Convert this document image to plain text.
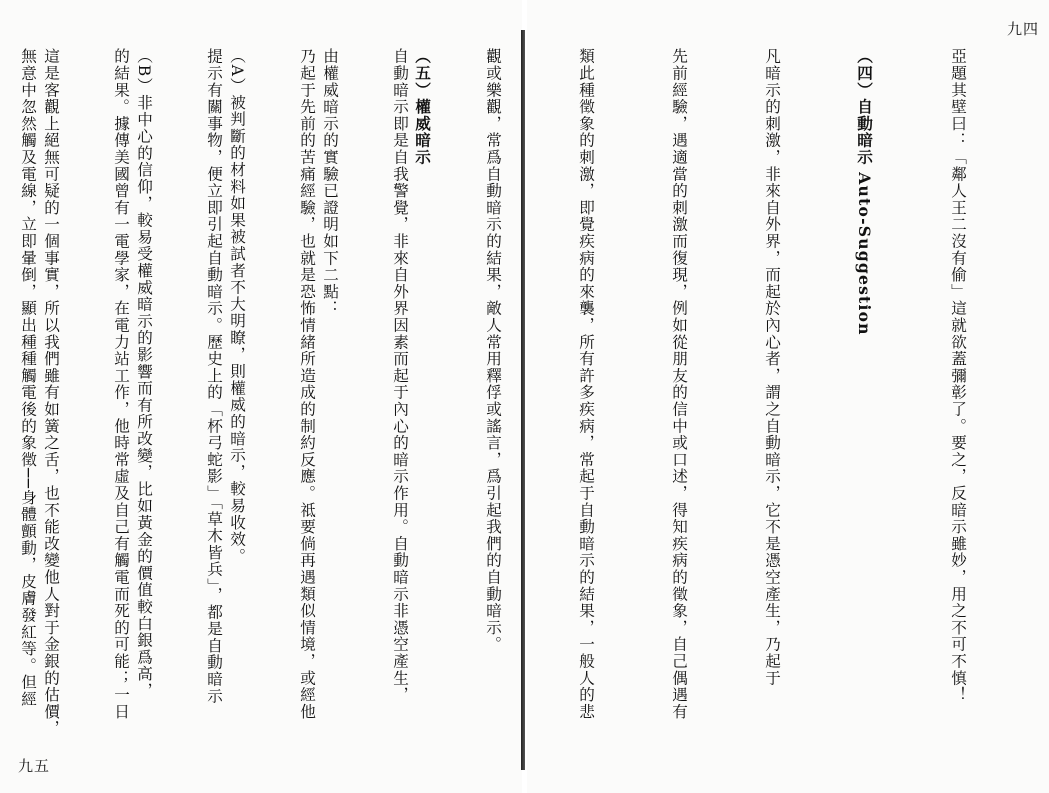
（五）權威暗示

由權威暗示的實驗已證明如下二點：

（A）被判斷的材料如果被試者不大明瞭，則權威的暗示，較易收效。

（B）非中心的信仰，較易受權威暗示的影響而有所改變，比如黃金的價值較白銀爲高，

這是客觀上絕無可疑的一個事實，所以我們雖有如簧之舌，也不能改變他人對于金銀的估價，

九五

亞題其壁曰：「鄰人王二沒有偷」這就欲蓋彌彰了。要之，反暗示雖妙，用之不可不慎！

（四）自動暗示 Auto-Suggestion

凡暗示的刺激，非來自外界，而起於內心者，謂之自動暗示，它不是憑空產生，乃起于

先前經驗，遇適當的刺激而復現，例如從朋友的信中或口述，得知疾病的徵象，自己偶遇有

類此種徵象的刺激，即覺疾病的來襲，所有許多疾病，常起于自動暗示的結果，一般人的悲

觀或樂觀，常爲自動暗示的結果，敵人常用釋俘或謠言，爲引起我們的自動暗示。

自動暗示即是自我警覺，非來自外界因素而起于內心的暗示作用。自動暗示非憑空產生，

乃起于先前的苦痛經驗，也就是恐怖情緒所造成的制約反應。祗要倘再遇類似情境，或經他

提示有關事物，便立即引起自動暗示。歷史上的「杯弓蛇影」「草木皆兵」，都是自動暗示

的結果。據傳美國曾有一電學家，在電力站工作，他時常虛及自己有觸電而死的可能；一日

無意中忽然觸及電線，立即暈倒，顯出種種觸電後的象徵──身體顫動，皮膚發紅等。但經

九四
